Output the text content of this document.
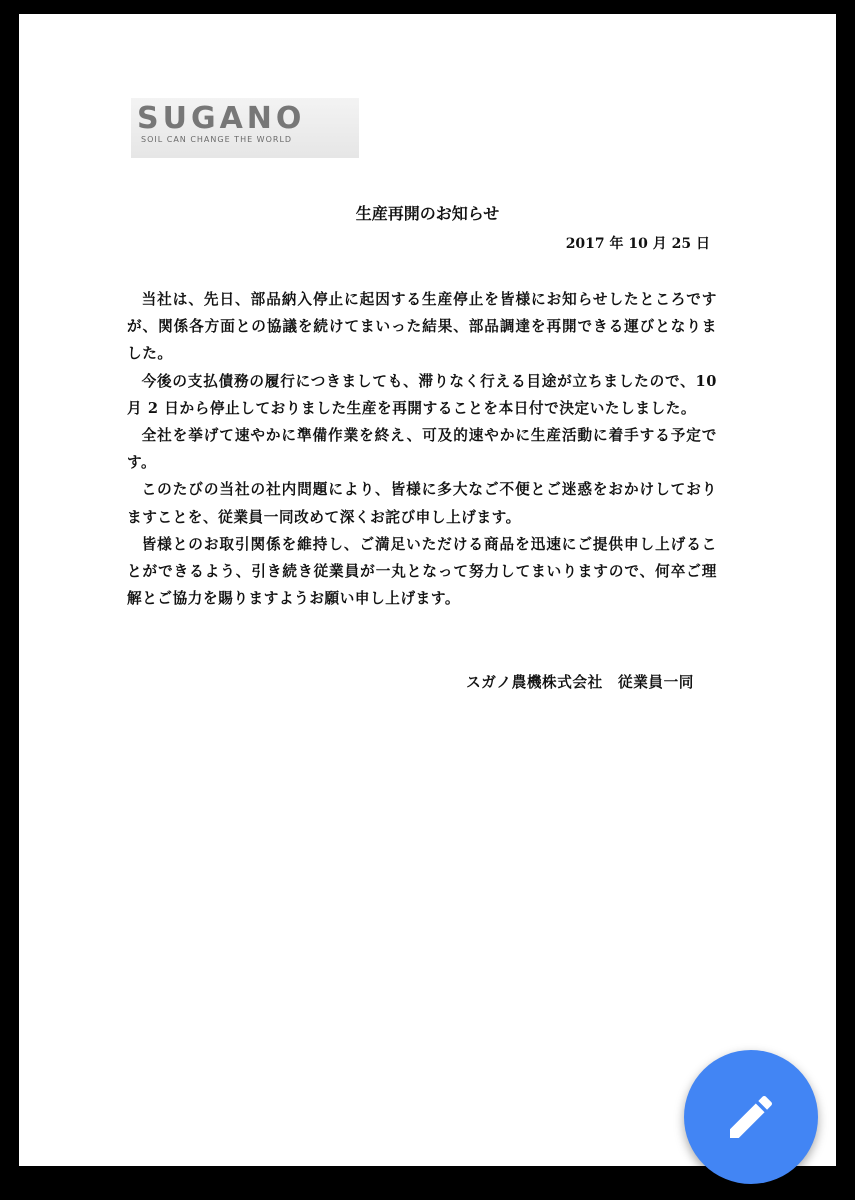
SUGANO
SOIL CAN CHANGE THE WORLD
生産再開のお知らせ
2017 年 10 月 25 日

当社は、先日、部品納入停止に起因する生産停止を皆様にお知らせしたところですが、関係各方面との協議を続けてまいった結果、部品調達を再開できる運びとなりました。

今後の支払債務の履行につきましても、滞りなく行える目途が立ちましたので、10 月 2 日から停止しておりました生産を再開することを本日付で決定いたしました。

全社を挙げて速やかに準備作業を終え、可及的速やかに生産活動に着手する予定です。

このたびの当社の社内問題により、皆様に多大なご不便とご迷惑をおかけしておりますことを、従業員一同改めて深くお詫び申し上げます。

皆様とのお取引関係を維持し、ご満足いただける商品を迅速にご提供申し上げることができるよう、引き続き従業員が一丸となって努力してまいりますので、何卒ご理解とご協力を賜りますようお願い申し上げます。

スガノ農機株式会社　従業員一同
